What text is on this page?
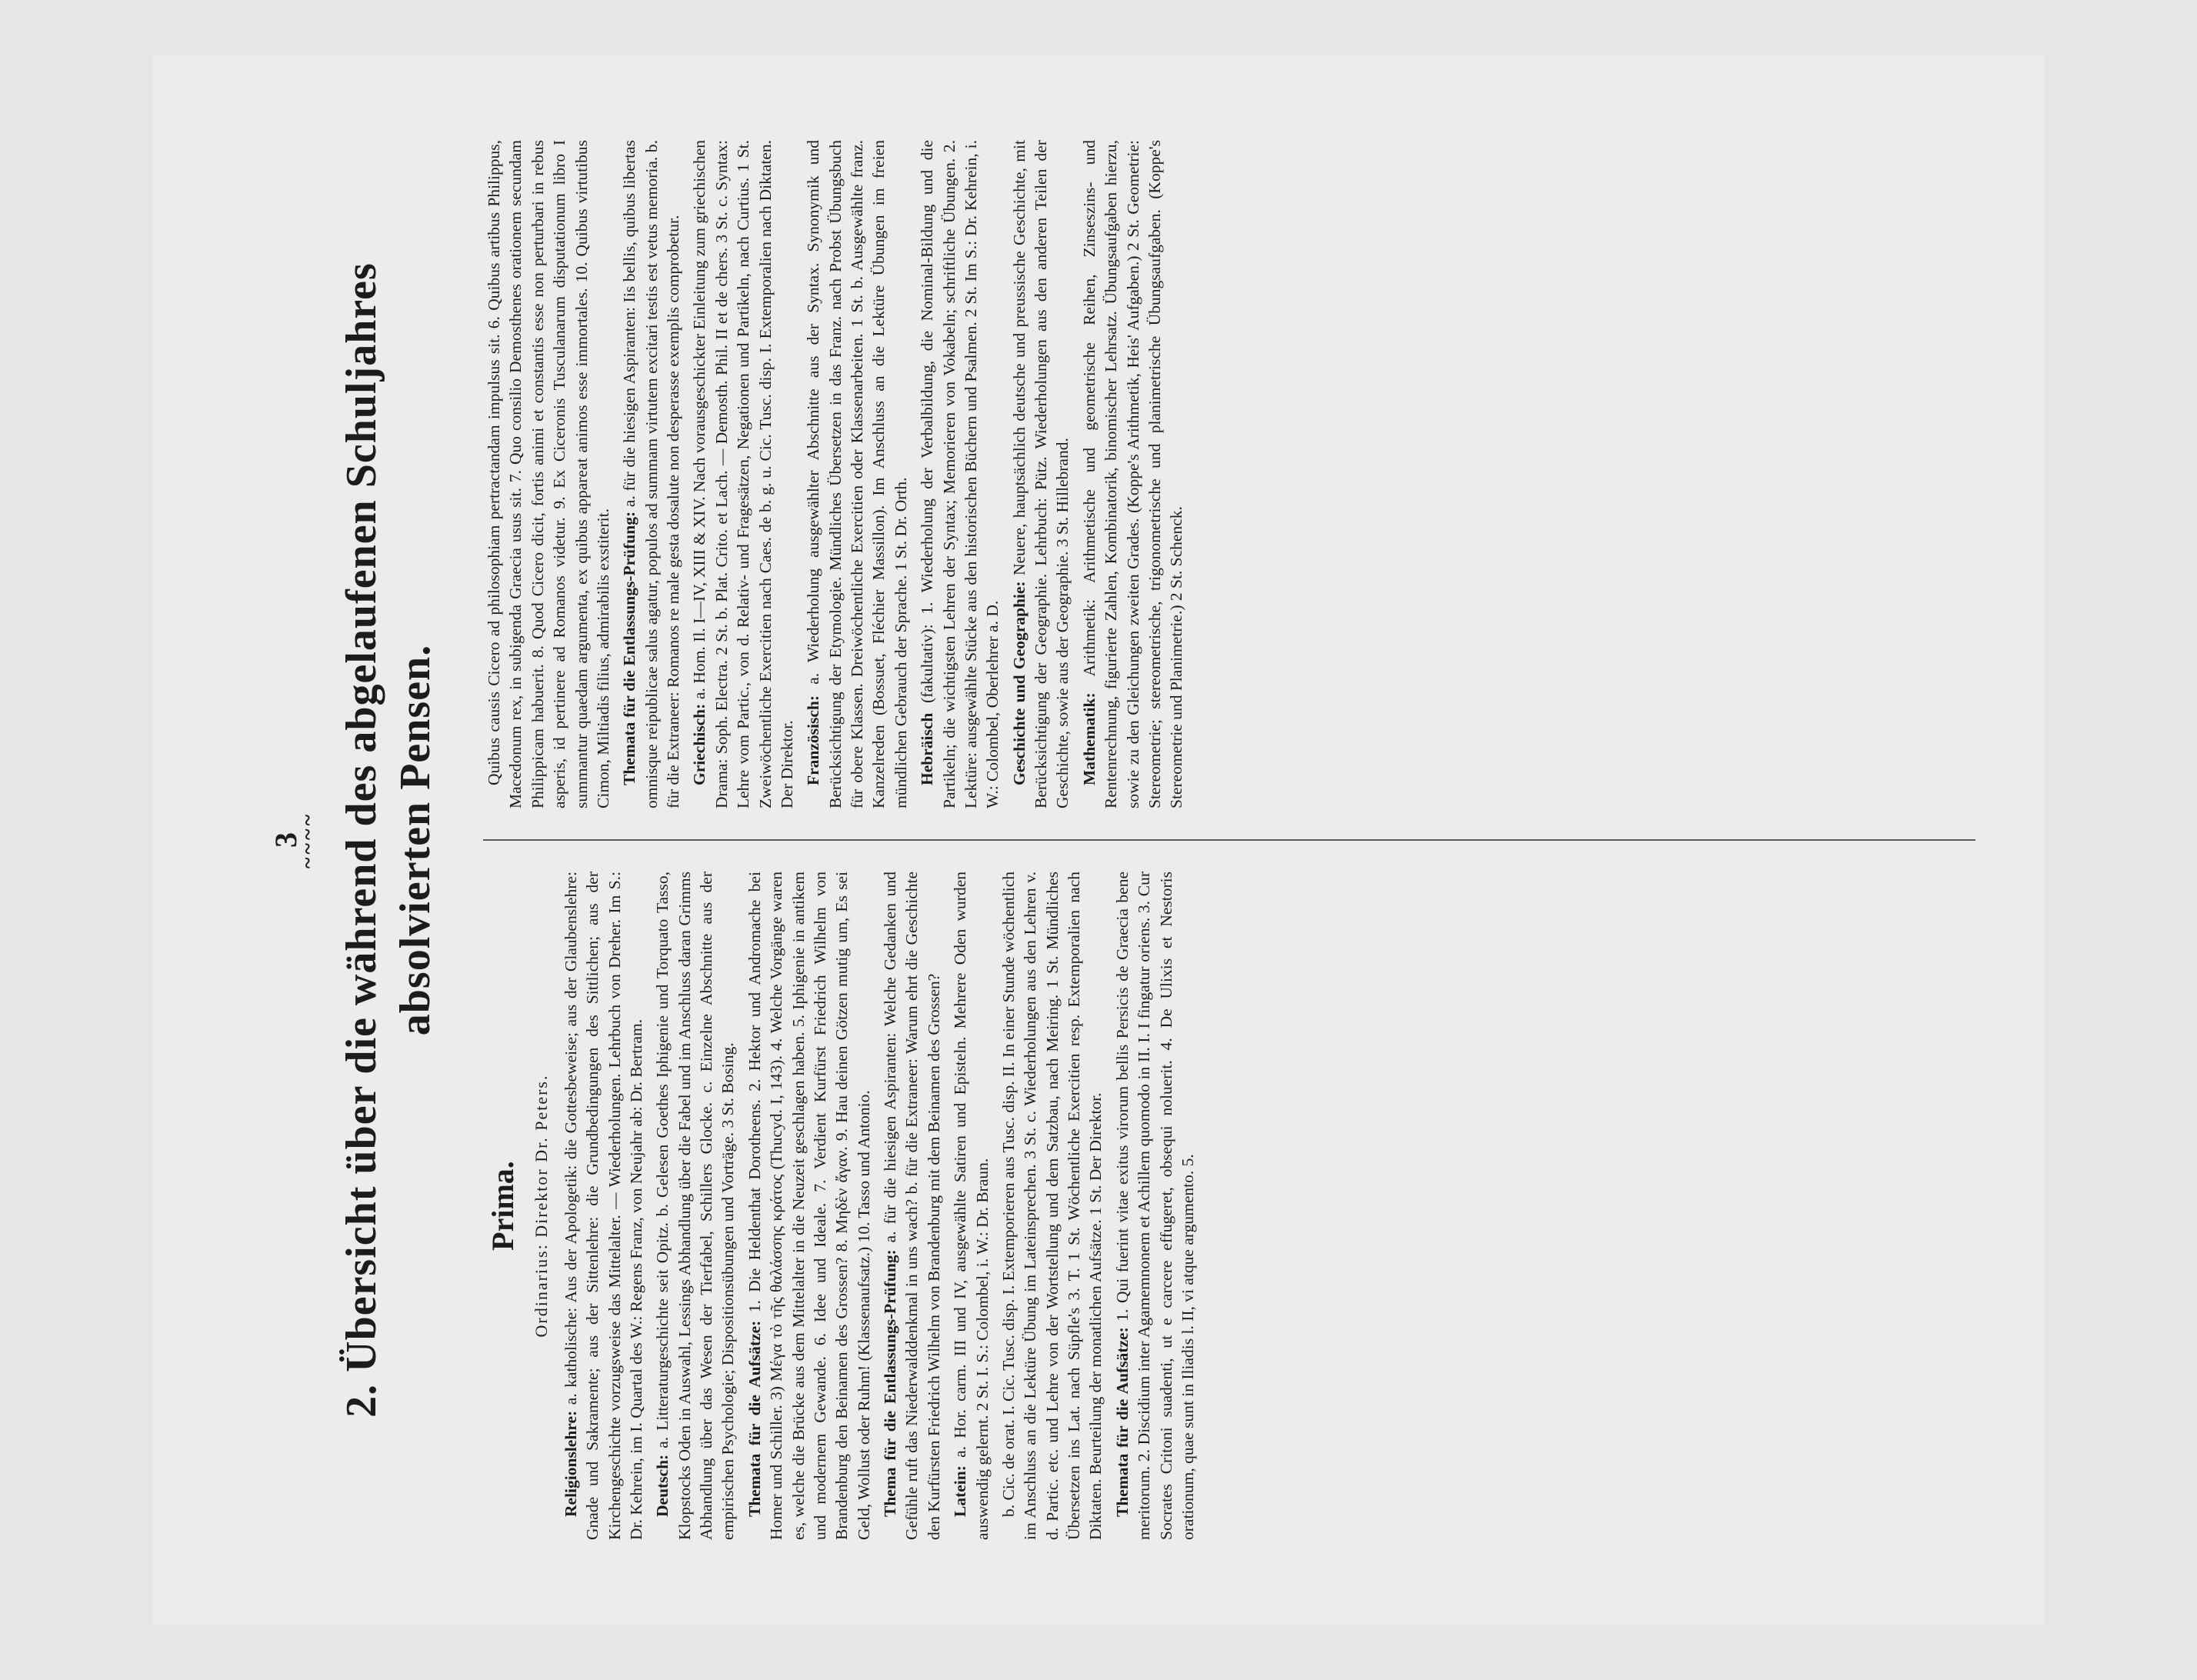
3
~~~~ 2. Übersicht über die während des abgelaufenen Schuljahres absolvierten Pensen.
Prima. Ordinarius: Direktor Dr. Peters.

Religionslehre: a. katholische: Aus der Apologetik: die Gottesbeweise; aus der Glaubenslehre: Gnade und Sakramente; aus der Sittenlehre: die Grundbedingungen des Sittlichen; aus der Kirchengeschichte vorzugsweise das Mittelalter. — Wiederholungen. Lehrbuch von Dreher. Im S.: Dr. Kehrein, im I. Quartal des W.: Regens Franz, von Neujahr ab: Dr. Bertram. Deutsch: a. Litteraturgeschichte seit Opitz. b. Gelesen Goethes Iphigenie und Torquato Tasso, Klopstocks Oden in Auswahl, Lessings Abhandlung über die Fabel und im Anschluss daran Grimms Abhandlung über das Wesen der Tierfabel, Schillers Glocke. c. Einzelne Abschnitte aus der empirischen Psychologie; Dispositionsübungen und Vorträge. 3 St. Bosing. Themata für die Aufsätze: 1. Die Heldenthat Dorotheens. 2. Hektor und Andromache bei Homer und Schiller. 3) Μέγα τὸ τῆς θαλάσσης κράτος (Thucyd. I, 143). 4. Welche Vorgänge waren es, welche die Brücke aus dem Mittelalter in die Neuzeit geschlagen haben. 5. Iphigenie in antikem und modernem Gewande. 6. Idee und Ideale. 7. Verdient Kurfürst Friedrich Wilhelm von Brandenburg den Beinamen des Grossen? 8. Μηδὲν ἄγαν. 9. Hau deinen Götzen mutig um, Es sei Geld, Wollust oder Ruhm! (Klassenaufsatz.) 10. Tasso und Antonio. Thema für die Entlassungs-Prüfung: a. für die hiesigen Aspiranten: Welche Gedanken und Gefühle ruft das Niederwalddenkmal in uns wach? b. für die Extraneer: Warum ehrt die Geschichte den Kurfürsten Friedrich Wilhelm von Brandenburg mit dem Beinamen des Grossen? Latein: a. Hor. carm. III und IV, ausgewählte Satiren und Episteln. Mehrere Oden wurden auswendig gelernt. 2 St. I. S.: Colombel, i. W.: Dr. Braun. b. Cic. de orat. I. Cic. Tusc. disp. I. Extemporieren aus Tusc. disp. II. In einer Stunde wöchentlich im Anschluss an die Lektüre Übung im Lateinsprechen. 3 St. c. Wiederholungen aus den Lehren v. d. Partic. etc. und Lehre von der Wortstellung und dem Satzbau, nach Meiring. 1 St. Mündliches Übersetzen ins Lat. nach Süpfle's 3. T. 1 St. Wöchentliche Exercitien resp. Extemporalien nach Diktaten. Beurteilung der monatlichen Aufsätze. 1 St. Der Direktor. Themata für die Aufsätze: 1. Qui fuerint vitae exitus virorum bellis Persicis de Graecia bene meritorum. 2. Discidium inter Agamemnonem et Achillem quomodo in II. I. I fingatur oriens. 3. Cur Socrates Critoni suadenti, ut e carcere effugeret, obsequi noluerit. 4. De Ulixis et Nestoris orationum, quae sunt in Iliadis l. II, vi atque argumento. 5.

Quibus causis Cicero ad philosophiam pertractandam impulsus sit. 6. Quibus artibus Philippus, Macedonum rex, in subigenda Graecia usus sit. 7. Quo consilio Demosthenes orationem secundam Philippicam habuerit. 8. Quod Cicero dicit, fortis animi et constantis esse non perturbari in rebus asperis, id pertinere ad Romanos videtur. 9. Ex Ciceronis Tusculanarum disputationum libro I summantur quaedam argumenta, ex quibus appareat animos esse immortales. 10. Quibus virtutibus Cimon, Miltiadis filius, admirabilis exstiterit. Themata für die Entlassungs-Prüfung: a. für die hiesigen Aspiranten: Iis bellis, quibus libertas omnisque reipublicae salus agatur, populos ad summam virtutem excitari testis est vetus memoria. b. für die Extraneer: Romanos re male gesta dosalute non desperasse exemplis comprobetur. Griechisch: a. Hom. Il. I—IV, XIII & XIV. Nach vorausgeschickter Einleitung zum griechischen Drama: Soph. Electra. 2 St. b. Plat. Crito. et Lach. — Demosth. Phil. II et de chers. 3 St. c. Syntax: Lehre vom Partic., von d. Relativ- und Fragesätzen, Negationen und Partikeln, nach Curtius. 1 St. Zweiwöchentliche Exercitien nach Caes. de b. g. u. Cic. Tusc. disp. I. Extemporalien nach Diktaten. Der Direktor. Französisch: a. Wiederholung ausgewählter Abschnitte aus der Syntax. Synonymik und Berücksichtigung der Etymologie. Mündliches Übersetzen in das Franz. nach Probst Übungsbuch für obere Klassen. Dreiwöchentliche Exercitien oder Klassenarbeiten. 1 St. b. Ausgewählte franz. Kanzelreden (Bossuet, Fléchier Massillon). Im Anschluss an die Lektüre Übungen im freien mündlichen Gebrauch der Sprache. 1 St. Dr. Orth. Hebräisch (fakultativ): 1. Wiederholung der Verbalbildung, die Nominal-Bildung und die Partikeln; die wichtigsten Lehren der Syntax; Memorieren von Vokabeln; schriftliche Übungen. 2. Lektüre: ausgewählte Stücke aus den historischen Büchern und Psalmen. 2 St. Im S.: Dr. Kehrein, i. W.: Colombel, Oberlehrer a. D. Geschichte und Geographie: Neuere, hauptsächlich deutsche und preussische Geschichte, mit Berücksichtigung der Geographie. Lehrbuch: Pütz. Wiederholungen aus den anderen Teilen der Geschichte, sowie aus der Geographie. 3 St. Hillebrand. Mathematik: Arithmetik: Arithmetische und geometrische Reihen, Zinseszins- und Rentenrechnung, figurierte Zahlen, Kombinatorik, binomischer Lehrsatz. Übungsaufgaben hierzu, sowie zu den Gleichungen zweiten Grades. (Koppe's Arithmetik, Heis' Aufgaben.) 2 St. Geometrie: Stereometrie; stereometrische, trigonometrische und planimetrische Übungsaufgaben. (Koppe's Stereometrie und Planimetrie.) 2 St. Schenck.
